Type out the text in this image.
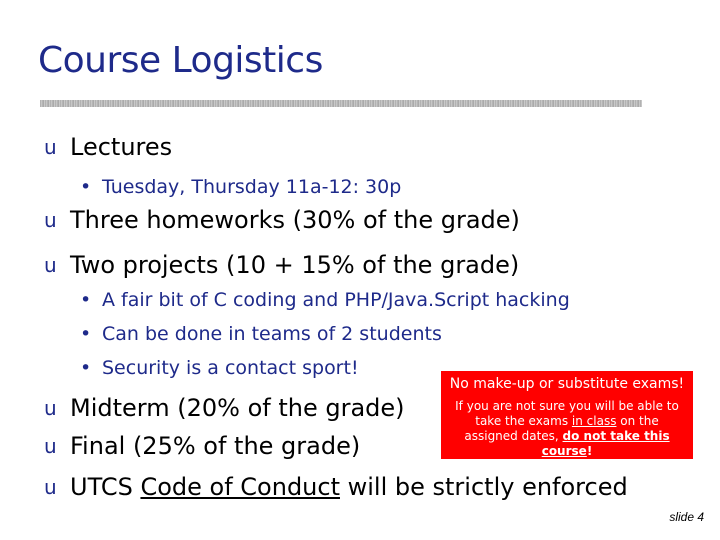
Course Logistics
u Lectures
• Tuesday, Thursday 11a-12: 30p
u Three homeworks (30% of the grade)
u Two projects (10 + 15% of the grade)
• A fair bit of C coding and PHP/Java.Script hacking
• Can be done in teams of 2 students
• Security is a contact sport!
u Midterm (20% of the grade)
u Final (25% of the grade)
u UTCS Code of Conduct will be strictly enforced
No make-up or substitute exams!
If you are not sure you will be able to take the exams in class on the assigned dates, do not take this course!
slide 4
